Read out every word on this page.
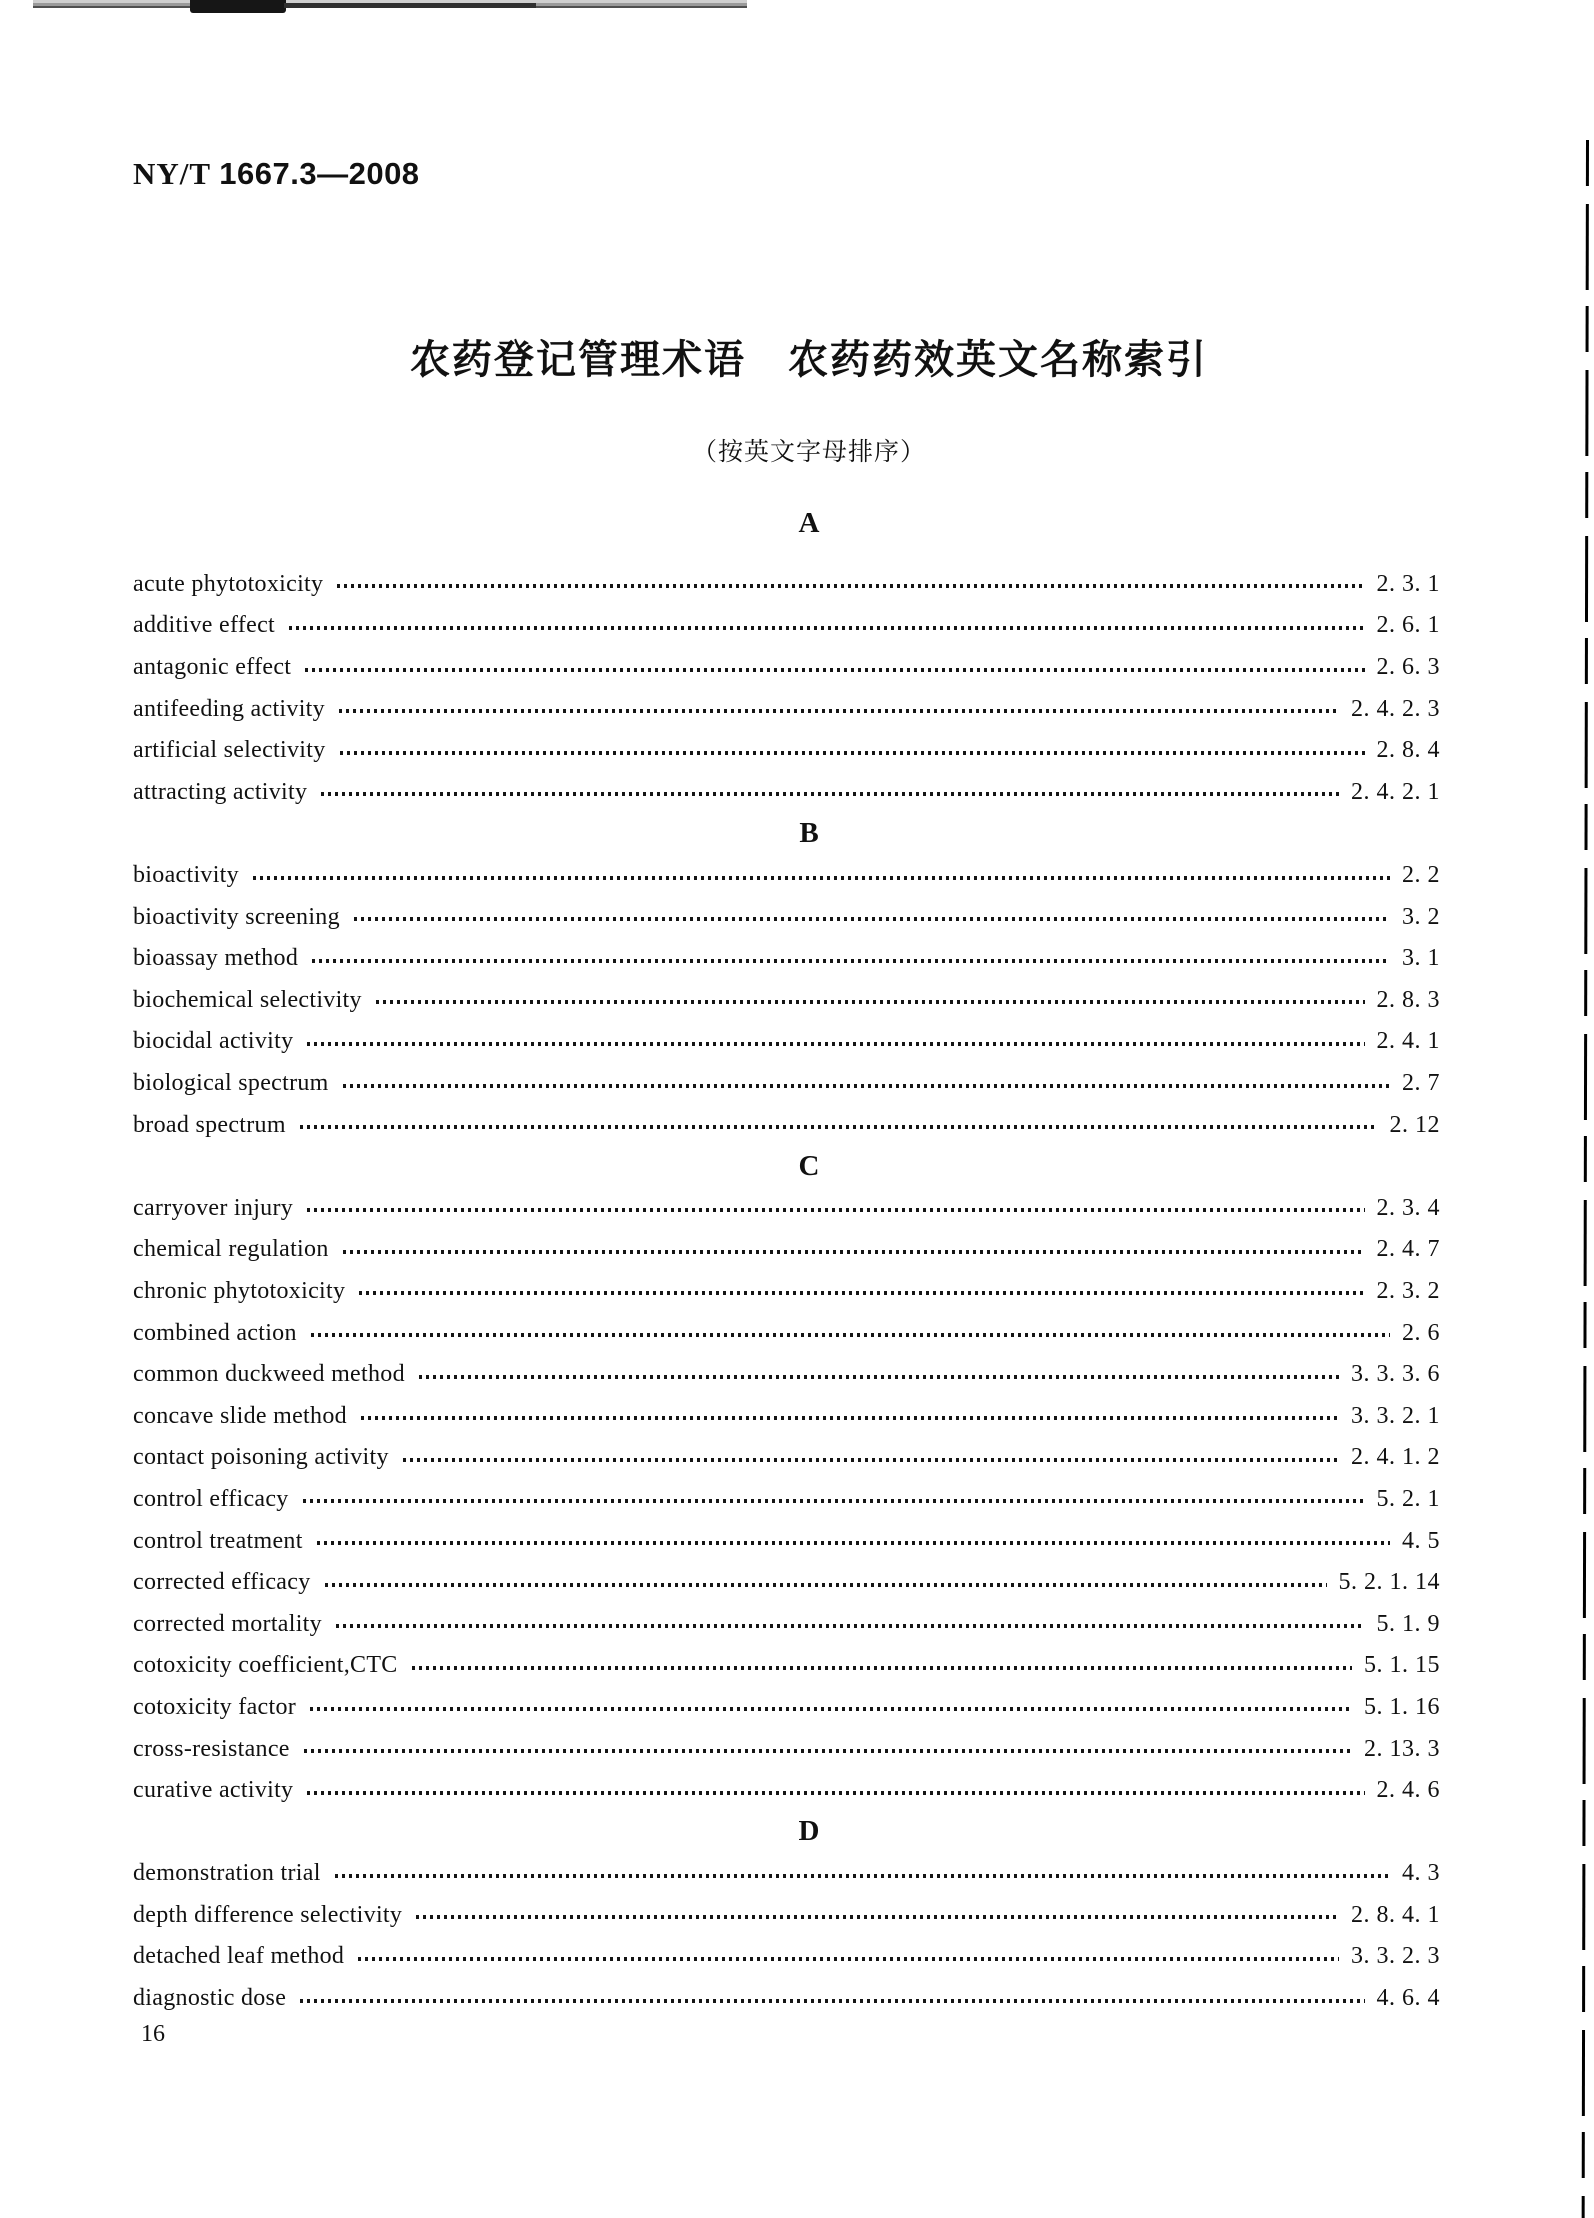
NY/T 1667.3—2008
农药登记管理术语　农药药效英文名称索引
（按英文字母排序）
A
acute phytotoxicity	2. 3. 1
additive effect	2. 6. 1
antagonic effect	2. 6. 3
antifeeding activity	2. 4. 2. 3
artificial selectivity	2. 8. 4
attracting activity	2. 4. 2. 1
B
bioactivity	2. 2
bioactivity screening	3. 2
bioassay method	3. 1
biochemical selectivity	2. 8. 3
biocidal activity	2. 4. 1
biological spectrum	2. 7
broad spectrum	2. 12
C
carryover injury	2. 3. 4
chemical regulation	2. 4. 7
chronic phytotoxicity	2. 3. 2
combined action	2. 6
common duckweed method	3. 3. 3. 6
concave slide method	3. 3. 2. 1
contact poisoning activity	2. 4. 1. 2
control efficacy	5. 2. 1
control treatment	4. 5
corrected efficacy	5. 2. 1. 14
corrected mortality	5. 1. 9
cotoxicity coefficient,CTC	5. 1. 15
cotoxicity factor	5. 1. 16
cross-resistance	2. 13. 3
curative activity	2. 4. 6
D
demonstration trial	4. 3
depth difference selectivity	2. 8. 4. 1
detached leaf method	3. 3. 2. 3
diagnostic dose	4. 6. 4
16
